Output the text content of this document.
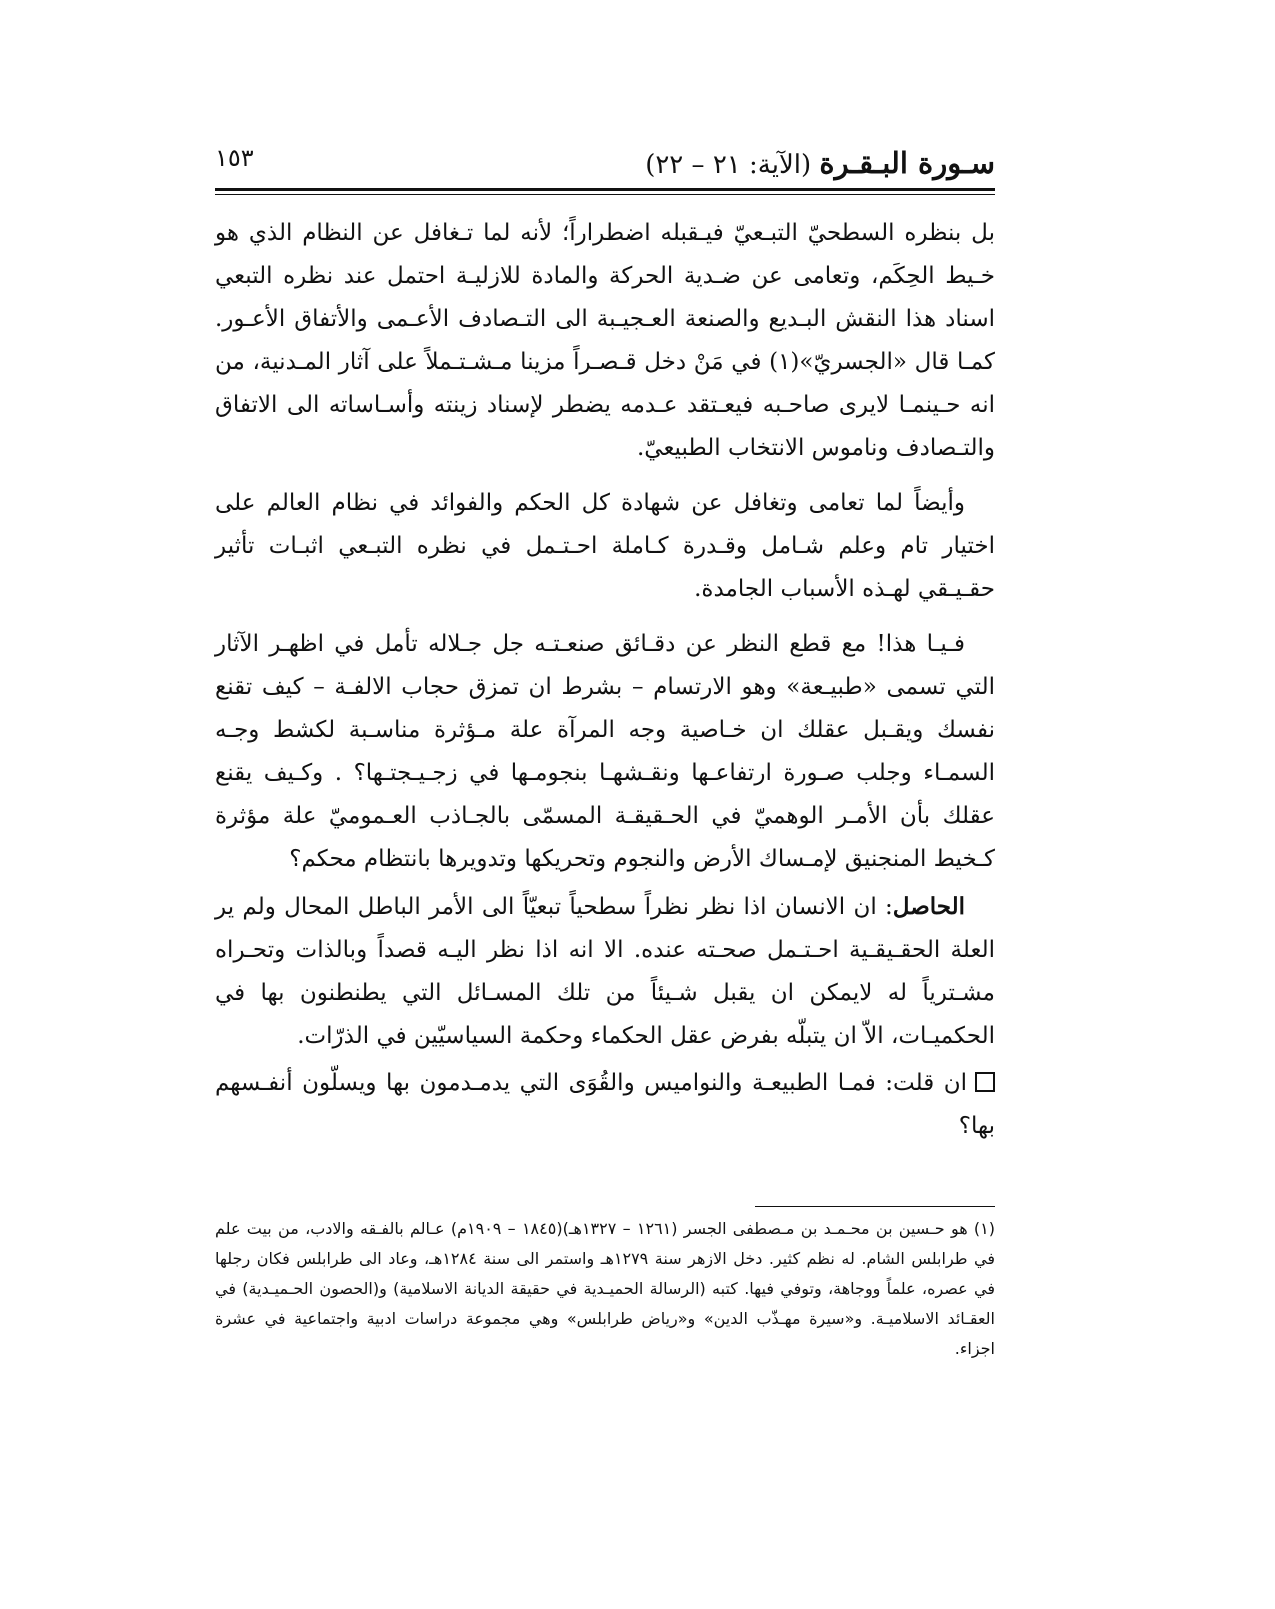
١٥٣	سـورة البـقـرة (الآية: ٢١ – ٢٢)

بل بنظره السطحيّ التبـعيّ فيـقبله اضطراراً؛ لأنه لما تـغافل عن النظام الذي هو خـيط الحِكَم، وتعامى عن ضـدية الحركة والمادة للازليـة احتمل عند نظره التبعي اسناد هذا النقش البـديع والصنعة العـجيـبة الى التـصادف الأعـمى والأتفاق الأعـور. كمـا قال «الجسريّ»(١) في مَنْ دخل قـصـراً مزينا مـشـتـملاً على آثار المـدنية، من انه حـينمـا لايرى صاحـبه فيعـتقد عـدمه يضطر لإسناد زينته وأسـاساته الى الاتفاق والتـصادف وناموس الانتخاب الطبيعيّ.

وأيضاً لما تعامى وتغافل عن شهادة كل الحكم والفوائد في نظام العالم على اختيار تام وعلم شـامل وقـدرة كـاملة احـتـمل في نظره التبـعي اثبـات تأثير حقـيـقي لهـذه الأسباب الجامدة.

فـيـا هذا! مع قطع النظر عن دقـائق صنعـتـه جل جـلاله تأمل في اظهـر الآثار التي تسمى «طبيـعة» وهو الارتسام – بشرط ان تمزق حجاب الالفـة – كيف تقنع نفسك ويقـبل عقلك ان خـاصية وجه المرآة علة مـؤثرة مناسـبة لكشط وجـه السمـاء وجلب صـورة ارتفاعـها ونقـشهـا بنجومـها في زجـيـجتـها؟ . وكـيف يقنع عقلك بأن الأمـر الوهميّ في الحـقيقـة المسمّى بالجـاذب العـموميّ علة مؤثرة كـخيط المنجنيق لإمـساك الأرض والنجوم وتحريكها وتدويرها بانتظام محكم؟

الحاصل: ان الانسان اذا نظر نظراً سطحياً تبعيّاً الى الأمر الباطل المحال ولم ير العلة الحقـيقـية احـتـمل صحـته عنده. الا انه اذا نظر اليـه قصداً وبالذات وتحـراه مشـترياً له لايمكن ان يقبل شـيئاً من تلك المسـائل التي يطنطنون بها في الحكميـات، الاّ ان يتبلّه بفرض عقل الحكماء وحكمة السياسيّين في الذرّات.

ان قلت: فمـا الطبيعـة والنواميس والقُوَى التي يدمـدمون بها ويسلّون أنفـسهم بها؟

(١) هو حـسين بن محـمـد بن مـصطفى الجسر (١٢٦١ – ١٣٢٧هـ)(١٨٤٥ – ١٩٠٩م) عـالم بالفـقه والادب، من بيت علم في طرابلس الشام. له نظم كثير. دخل الازهر سنة ١٢٧٩هـ واستمر الى سنة ١٢٨٤هـ، وعاد الى طرابلس فكان رجلها في عصره، علماً ووجاهة، وتوفي فيها. كتبه (الرسالة الحميـدية في حقيقة الديانة الاسلامية) و(الحصون الحـميـدية) في العقـائد الاسلاميـة. و«سيرة مهـذّب الدين» و«رياض طرابلس» وهي مجموعة دراسات ادبية واجتماعية في عشرة اجزاء.
